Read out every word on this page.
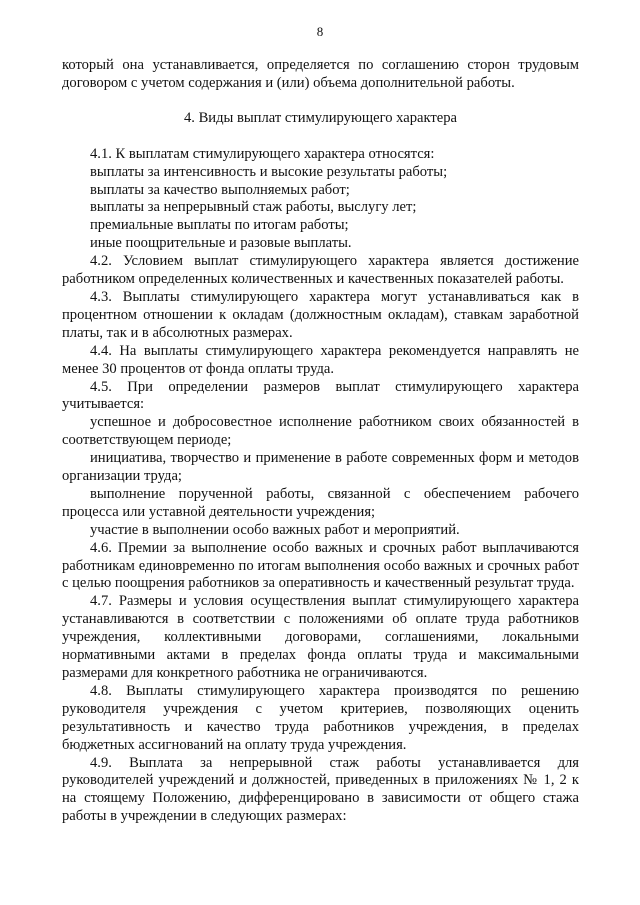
8

который она устанавливается, определяется по соглашению сторон трудовым договором с учетом содержания и (или) объема дополнительной работы.

4. Виды выплат стимулирующего характера

4.1. К выплатам стимулирующего характера относятся:

выплаты за интенсивность и высокие результаты работы;

выплаты за качество выполняемых работ;

выплаты за непрерывный стаж работы, выслугу лет;

премиальные выплаты по итогам работы;

иные поощрительные и разовые выплаты.

4.2. Условием выплат стимулирующего характера является достижение работником определенных количественных и качественных показателей работы.

4.3. Выплаты стимулирующего характера могут устанавливаться как в процентном отношении к окладам (должностным окладам), ставкам заработной платы, так и в абсолютных размерах.

4.4. На выплаты стимулирующего характера рекомендуется направлять не менее 30 процентов от фонда оплаты труда.

4.5. При определении размеров выплат стимулирующего характера учитывается:

успешное и добросовестное исполнение работником своих обязанностей в соответствующем периоде;

инициатива, творчество и применение в работе современных форм и методов организации труда;

выполнение порученной работы, связанной с обеспечением рабочего процесса или уставной деятельности учреждения;

участие в выполнении особо важных работ и мероприятий.

4.6. Премии за выполнение особо важных и срочных работ выплачиваются работникам единовременно по итогам выполнения особо важных и срочных работ с целью поощрения работников за оперативность и качественный результат труда.

4.7. Размеры и условия осуществления выплат стимулирующего характера устанавливаются в соответствии с положениями об оплате труда работников учреждения, коллективными договорами, соглашениями, локальными нормативными актами в пределах фонда оплаты труда и максимальными размерами для конкретного работника не ограничиваются.

4.8. Выплаты стимулирующего характера производятся по решению руководителя учреждения с учетом критериев, позволяющих оценить результативность и качество труда работников учреждения, в пределах бюджетных ассигнований на оплату труда учреждения.

4.9. Выплата за непрерывной стаж работы устанавливается для руководителей учреждений и должностей, приведенных в приложениях № 1, 2 к на стоящему Положению, дифференцировано в зависимости от общего стажа работы в учреждении в следующих размерах:
